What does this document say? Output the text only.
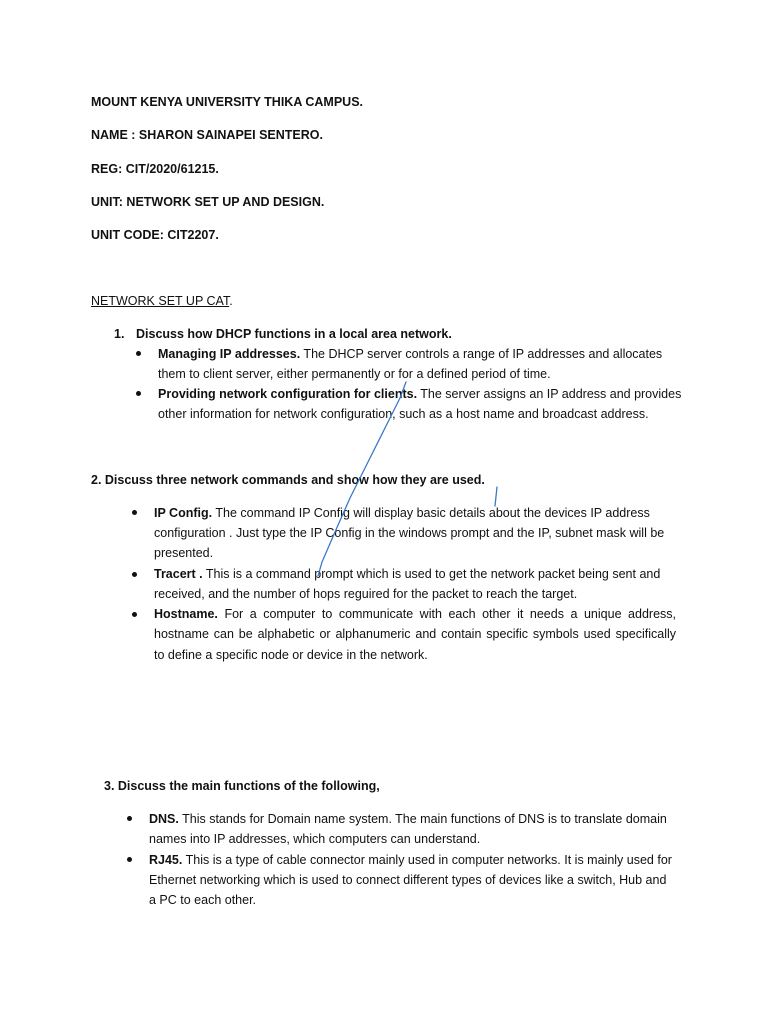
MOUNT KENYA UNIVERSITY THIKA CAMPUS.
NAME : SHARON SAINAPEI SENTERO.
REG: CIT/2020/61215.
UNIT: NETWORK SET UP AND DESIGN.
UNIT CODE: CIT2207.
NETWORK SET UP CAT.
1. Discuss how DHCP functions in a local area network.
Managing IP addresses. The DHCP server controls a range of IP addresses and allocates
them to client server, either permanently or for a defined period of time.
Providing network configuration for clients. The server assigns an IP address and provides
other information for network configuration, such as a host name and broadcast address.
2. Discuss three network commands and show how they are used.
IP Config. The command IP Config will display basic details about the devices IP address
configuration . Just type the IP Config in the windows prompt and the IP, subnet mask will be
presented.
Tracert . This is a command prompt which is used to get the network packet being sent and
received, and the number of hops reguired for the packet to reach the target.
Hostname. For a computer to communicate with each other it needs a unique address,
hostname can be alphabetic or alphanumeric and contain specific symbols used specifically
to define a specific node or device in the network.
3. Discuss the main functions of the following,
DNS. This stands for Domain name system. The main functions of DNS is to translate domain
names into IP addresses, which computers can understand.
RJ45. This is a type of cable connector mainly used in computer networks. It is mainly used for
Ethernet networking which is used to connect different types of devices like a switch, Hub and
a PC to each other.
